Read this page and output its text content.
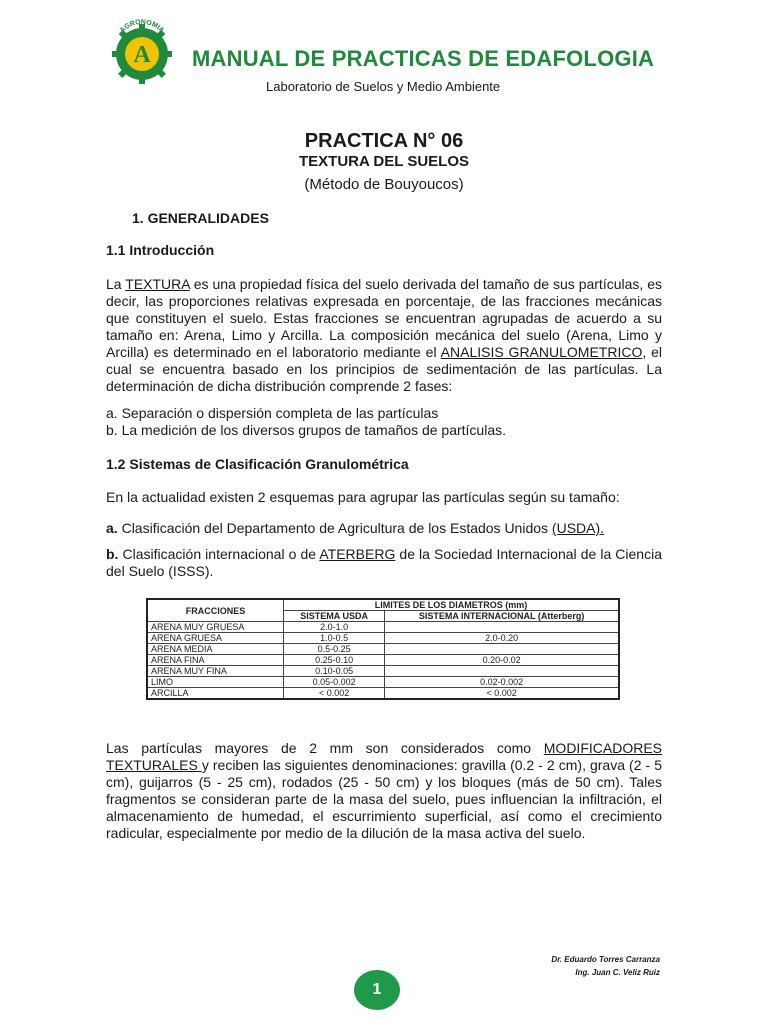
A
AGRONOMIA
MANUAL DE PRACTICAS DE EDAFOLOGIA
Laboratorio de Suelos y Medio Ambiente
PRACTICA N° 06
TEXTURA DEL SUELOS
(Método de Bouyoucos)
1. GENERALIDADES
1.1 Introducción
La TEXTURA es una propiedad física del suelo derivada del tamaño de sus partículas, es decir, las proporciones relativas expresada en porcentaje, de las fracciones mecánicas que constituyen el suelo. Estas fracciones se encuentran agrupadas de acuerdo a su tamaño en: Arena, Limo y Arcilla. La composición mecánica del suelo (Arena, Limo y Arcilla) es determinado en el laboratorio mediante el ANALISIS GRANULOMETRICO, el cual se encuentra basado en los principios de sedimentación de las partículas. La determinación de dicha distribución comprende 2 fases:
a. Separación o dispersión completa de las partículas
b. La medición de los diversos grupos de tamaños de partículas.
1.2 Sistemas de Clasificación Granulométrica
En la actualidad existen 2 esquemas para agrupar las partículas según su tamaño:
a. Clasificación del Departamento de Agricultura de los Estados Unidos (USDA).
b. Clasificación internacional o de ATERBERG de la Sociedad Internacional de la Ciencia del Suelo (ISSS).
FRACCIONES	LIMITES DE LOS DIAMETROS (mm)	
	SISTEMA USDA	SISTEMA INTERNACIONAL (Atterberg)
ARENA MUY GRUESA	2.0-1.0	
ARENA GRUESA	1.0-0.5	2.0-0.20
ARENA MEDIA	0.5-0.25	
ARENA FINA	0.25-0.10	0.20-0.02
ARENA MUY FINA	0.10-0.05	
LIMO	0.05-0.002	0.02-0.002
ARCILLA	< 0.002	< 0.002
Las partículas mayores de 2 mm son considerados como MODIFICADORES TEXTURALES y reciben las siguientes denominaciones: gravilla (0.2 - 2 cm), grava (2 - 5 cm), guijarros (5 - 25 cm), rodados (25 - 50 cm) y los bloques (más de 50 cm). Tales fragmentos se consideran parte de la masa del suelo, pues influencian la infiltración, el almacenamiento de humedad, el escurrimiento superficial, así como el crecimiento radicular, especialmente por medio de la dilución de la masa activa del suelo.
Dr. Eduardo Torres Carranza
Ing. Juan C. Veliz Ruiz
1
